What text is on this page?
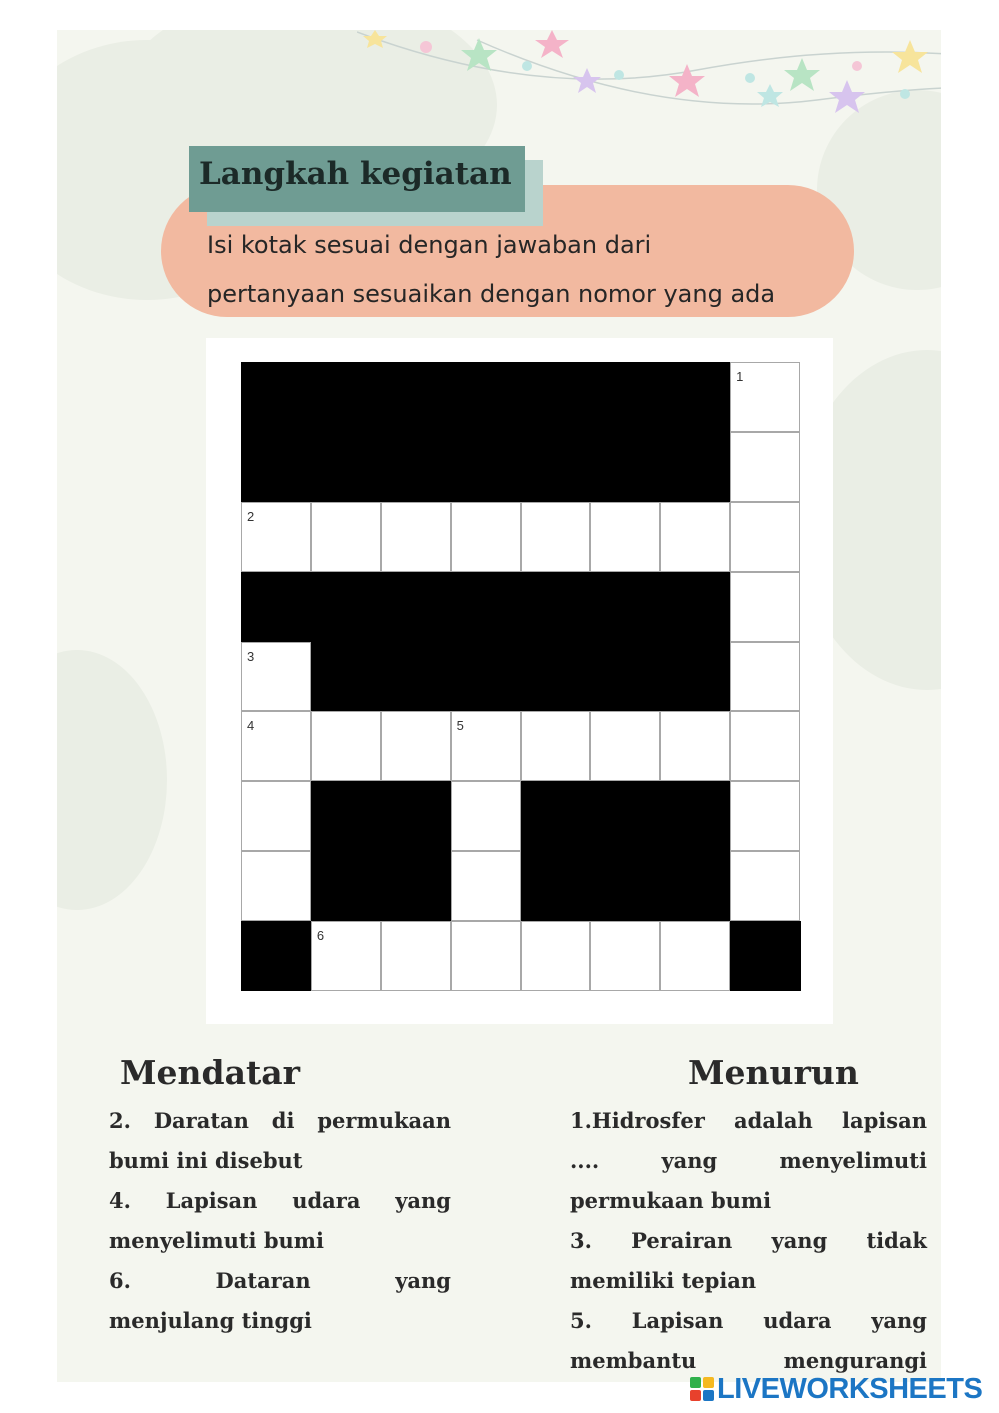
Langkah kegiatan
Isi kotak sesuai dengan jawaban dari
pertanyaan sesuaikan dengan nomor yang ada
1
2
3
4	5
6
Mendatar	Menurun
2. Daratan di permukaan
bumi ini disebut
4. Lapisan udara yang
menyelimuti bumi
6.	Dataran	yang
menjulang tinggi
1.Hidrosfer adalah lapisan
....	yang	menyelimuti
permukaan bumi
3. Perairan yang tidak
memiliki tepian
5. Lapisan udara yang
membantu	mengurangi
LIVEWORKSHEETS
